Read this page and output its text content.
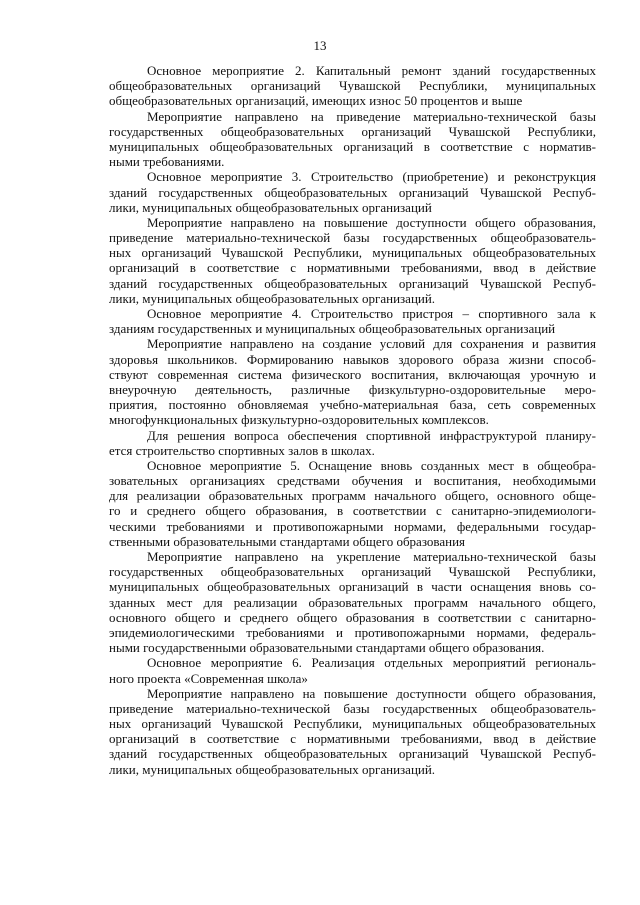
13
Основное мероприятие 2. Капитальный ремонт зданий государственных
общеобразовательных организаций Чувашской Республики, муниципальных
общеобразовательных организаций, имеющих износ 50 процентов и выше
Мероприятие направлено на приведение материально-технической базы
государственных общеобразовательных организаций Чувашской Республики,
муниципальных общеобразовательных организаций в соответствие с норматив-
ными требованиями.
Основное мероприятие 3. Строительство (приобретение) и реконструкция
зданий государственных общеобразовательных организаций Чувашской Респуб-
лики, муниципальных общеобразовательных организаций
Мероприятие направлено на повышение доступности общего образования,
приведение материально-технической базы государственных общеобразователь-
ных организаций Чувашской Республики, муниципальных общеобразовательных
организаций в соответствие с нормативными требованиями, ввод в действие
зданий государственных общеобразовательных организаций Чувашской Респуб-
лики, муниципальных общеобразовательных организаций.
Основное мероприятие 4. Строительство пристроя – спортивного зала к
зданиям государственных и муниципальных общеобразовательных организаций
Мероприятие направлено на создание условий для сохранения и развития
здоровья школьников. Формированию навыков здорового образа жизни способ-
ствуют современная система физического воспитания, включающая урочную и
внеурочную деятельность, различные физкультурно-оздоровительные меро-
приятия, постоянно обновляемая учебно-материальная база, сеть современных
многофункциональных физкультурно-оздоровительных комплексов.
Для решения вопроса обеспечения спортивной инфраструктурой планиру-
ется строительство спортивных залов в школах.
Основное мероприятие 5. Оснащение вновь созданных мест в общеобра-
зовательных организациях средствами обучения и воспитания, необходимыми
для реализации образовательных программ начального общего, основного обще-
го и среднего общего образования, в соответствии с санитарно-эпидемиологи-
ческими требованиями и противопожарными нормами, федеральными государ-
ственными образовательными стандартами общего образования
Мероприятие направлено на укрепление материально-технической базы
государственных общеобразовательных организаций Чувашской Республики,
муниципальных общеобразовательных организаций в части оснащения вновь со-
зданных мест для реализации образовательных программ начального общего,
основного общего и среднего общего образования в соответствии с санитарно-
эпидемиологическими требованиями и противопожарными нормами, федераль-
ными государственными образовательными стандартами общего образования.
Основное мероприятие 6. Реализация отдельных мероприятий региональ-
ного проекта «Современная школа»
Мероприятие направлено на повышение доступности общего образования,
приведение материально-технической базы государственных общеобразователь-
ных организаций Чувашской Республики, муниципальных общеобразовательных
организаций в соответствие с нормативными требованиями, ввод в действие
зданий государственных общеобразовательных организаций Чувашской Респуб-
лики, муниципальных общеобразовательных организаций.
